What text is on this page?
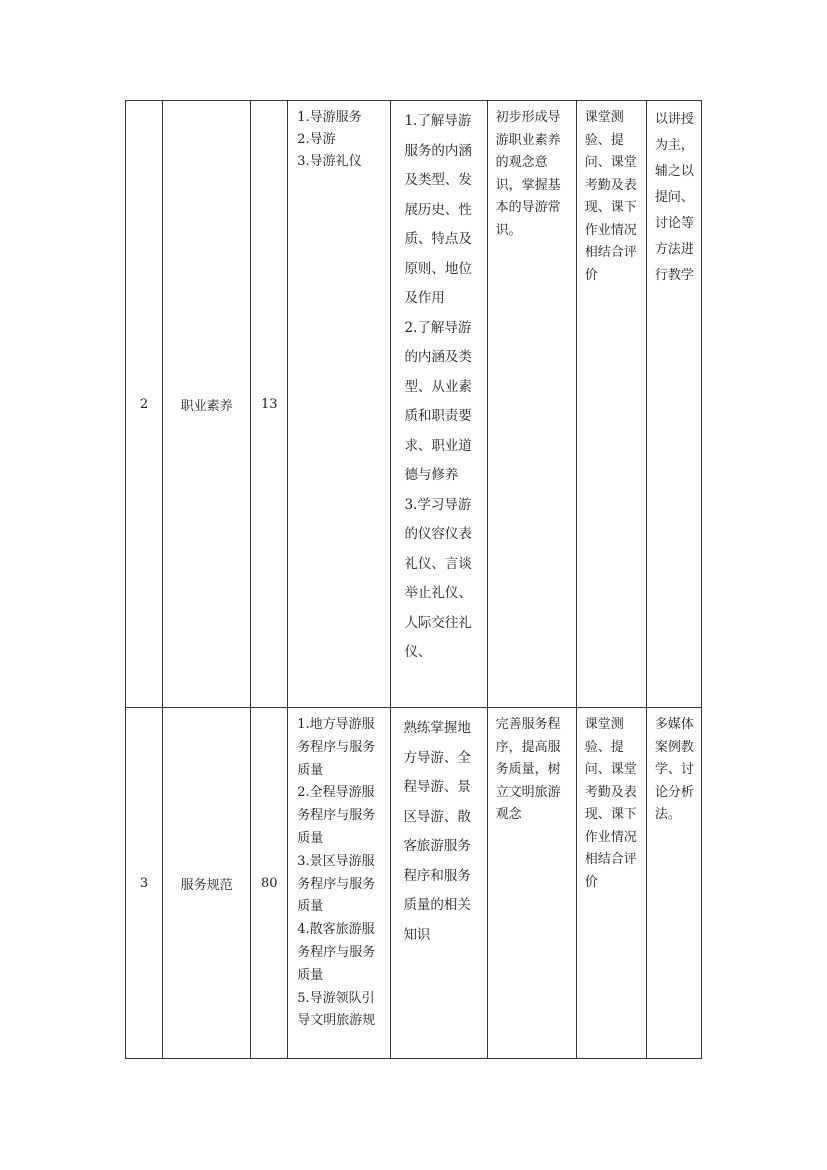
2	职业素养	13	1.导游服务
2.导游
3.导游礼仪	1.了解导游服务的内涵及类型、发展历史、性质、特点及原则、地位及作用
2.了解导游的内涵及类型、从业素质和职责要求、职业道德与修养
3.学习导游的仪容仪表礼仪、言谈举止礼仪、人际交往礼仪、	初步形成导游职业素养的观念意识，掌握基本的导游常识。	课堂测验、提问、课堂考勤及表现、课下作业情况相结合评价	以讲授为主，辅之以提问、讨论等方法进行教学

3	服务规范	80	1.地方导游服务程序与服务质量
2.全程导游服务程序与服务质量
3.景区导游服务程序与服务质量
4.散客旅游服务程序与服务质量
5.导游领队引导文明旅游规	熟练掌握地方导游、全程导游、景区导游、散客旅游服务程序和服务质量的相关知识	完善服务程序，提高服务质量，树立文明旅游观念	课堂测验、提问、课堂考勤及表现、课下作业情况相结合评价	多媒体案例教学、讨论分析法。
